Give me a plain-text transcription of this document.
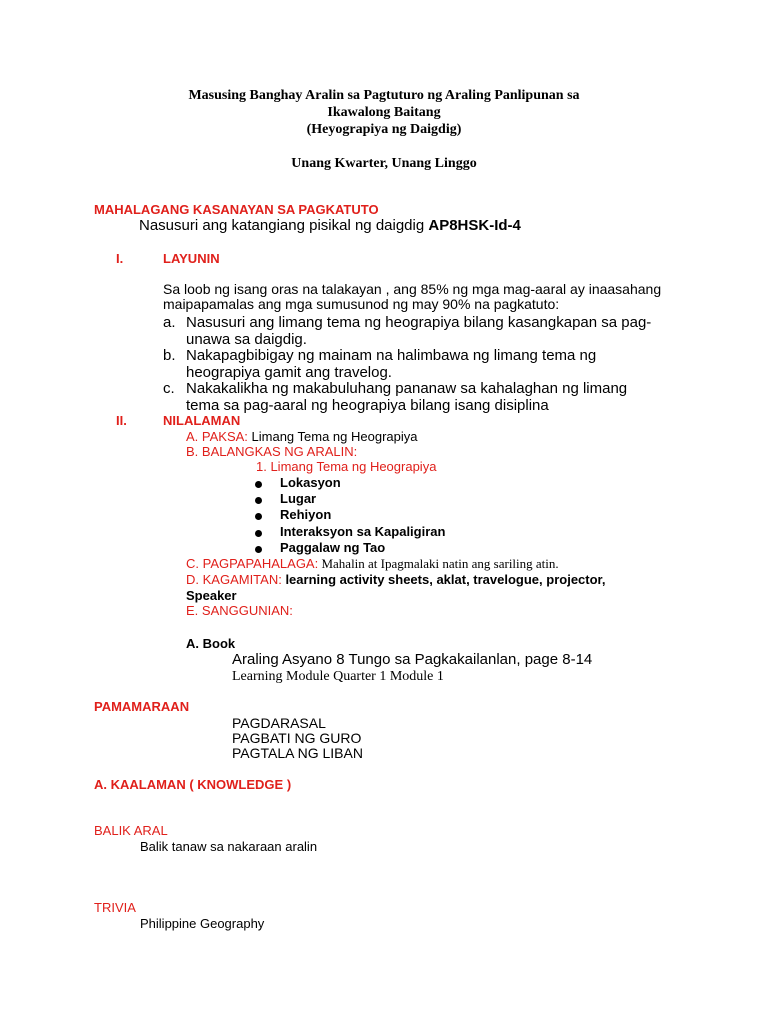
Masusing Banghay Aralin sa Pagtuturo ng Araling Panlipunan sa
Ikawalong Baitang
(Heyograpiya ng Daigdig)
Unang Kwarter, Unang Linggo
MAHALAGANG KASANAYAN SA PAGKATUTO
Nasusuri ang katangiang pisikal ng daigdig AP8HSK-Id-4
I.	LAYUNIN
Sa loob ng isang oras na talakayan , ang 85% ng mga mag-aaral ay inaasahang
maipapamalas ang mga sumusunod ng may 90% na pagkatuto:
a. Nasusuri ang limang tema ng heograpiya bilang kasangkapan sa pag-
unawa sa daigdig.
b. Nakapagbibigay ng mainam na halimbawa ng limang tema ng
heograpiya gamit ang travelog.
c. Nakakalikha ng makabuluhang pananaw sa kahalaghan ng limang
tema sa pag-aaral ng heograpiya bilang isang disiplina
II.	NILALAMAN
A. PAKSA: Limang Tema ng Heograpiya
B. BALANGKAS NG ARALIN:
1. Limang Tema ng Heograpiya
Lokasyon
Lugar
Rehiyon
Interaksyon sa Kapaligiran
Paggalaw ng Tao
C. PAGPAPAHALAGA: Mahalin at Ipagmalaki natin ang sariling atin.
D. KAGAMITAN: learning activity sheets, aklat, travelogue, projector,
Speaker
E. SANGGUNIAN:
A. Book
Araling Asyano 8 Tungo sa Pagkakailanlan, page 8-14
Learning Module Quarter 1 Module 1
PAMAMARAAN
PAGDARASAL
PAGBATI NG GURO
PAGTALA NG LIBAN
A. KAALAMAN ( KNOWLEDGE )
BALIK ARAL
Balik tanaw sa nakaraan aralin
TRIVIA
Philippine Geography
